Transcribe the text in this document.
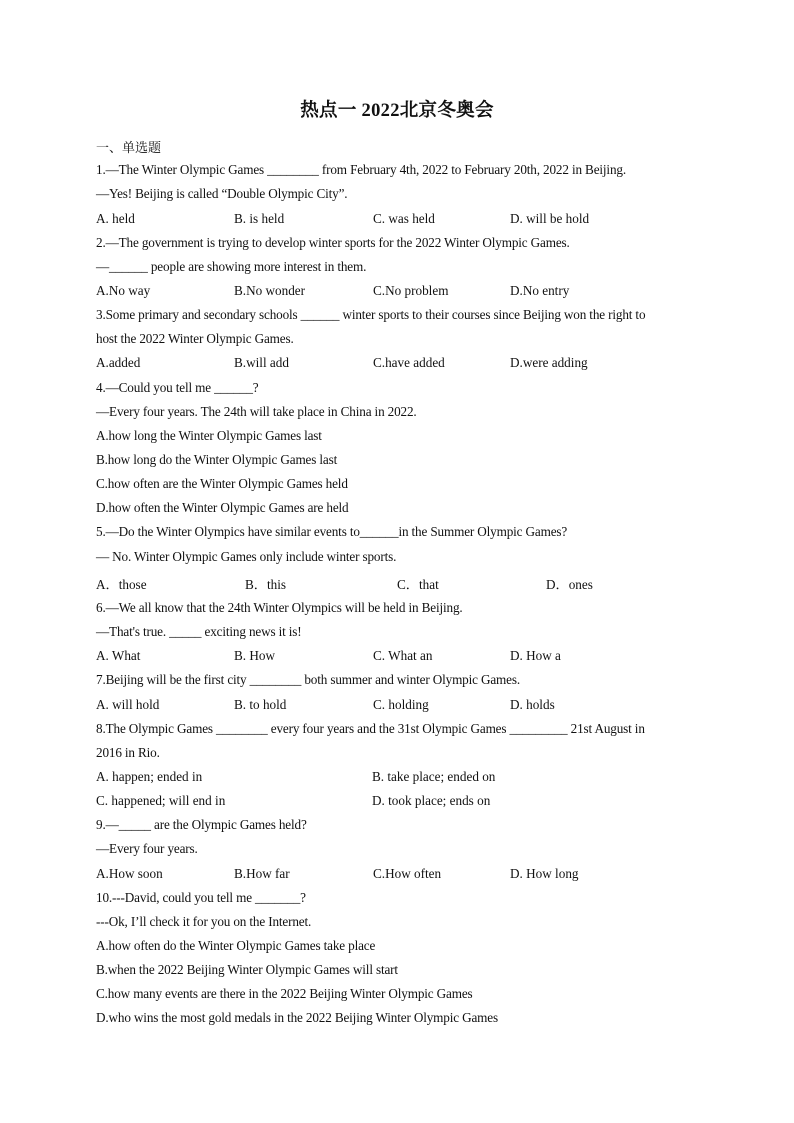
热点一 2022北京冬奥会
一、单选题
1.—The Winter Olympic Games ________ from February 4th, 2022 to February 20th, 2022 in Beijing.
—Yes! Beijing is called “Double Olympic City”.
A. held	B. is held	C. was held	D. will be hold
2.—The government is trying to develop winter sports for the 2022 Winter Olympic Games.
—______ people are showing more interest in them.
A.No way	B.No wonder	C.No problem	D.No entry
3.Some primary and secondary schools ______ winter sports to their courses since Beijing won the right to
host the 2022 Winter Olympic Games.
A.added	B.will add	C.have added	D.were adding
4.—Could you tell me ______?
—Every four years. The 24th will take place in China in 2022.
A.how long the Winter Olympic Games last
B.how long do the Winter Olympic Games last
C.how often are the Winter Olympic Games held
D.how often the Winter Olympic Games are held
5.—Do the Winter Olympics have similar events to______in the Summer Olympic Games?
— No. Winter Olympic Games only include winter sports.
A．those	B．this	C．that	D．ones
6.—We all know that the 24th Winter Olympics will be held in Beijing.
—That's true. _____ exciting news it is!
A. What	B. How	C. What an	D. How a
7.Beijing will be the first city ________ both summer and winter Olympic Games.
A. will hold	B. to hold	C. holding	D. holds
8.The Olympic Games ________ every four years and the 31st Olympic Games _________ 21st August in
2016 in Rio.
A. happen; ended in	B. take place; ended on
C. happened; will end in	D. took place; ends on
9.—_____ are the Olympic Games held?
—Every four years.
A.How soon	B.How far	C.How often	D. How long
10.---David, could you tell me _______?
---Ok, I’ll check it for you on the Internet.
A.how often do the Winter Olympic Games take place
B.when the 2022 Beijing Winter Olympic Games will start
C.how many events are there in the 2022 Beijing Winter Olympic Games
D.who wins the most gold medals in the 2022 Beijing Winter Olympic Games
